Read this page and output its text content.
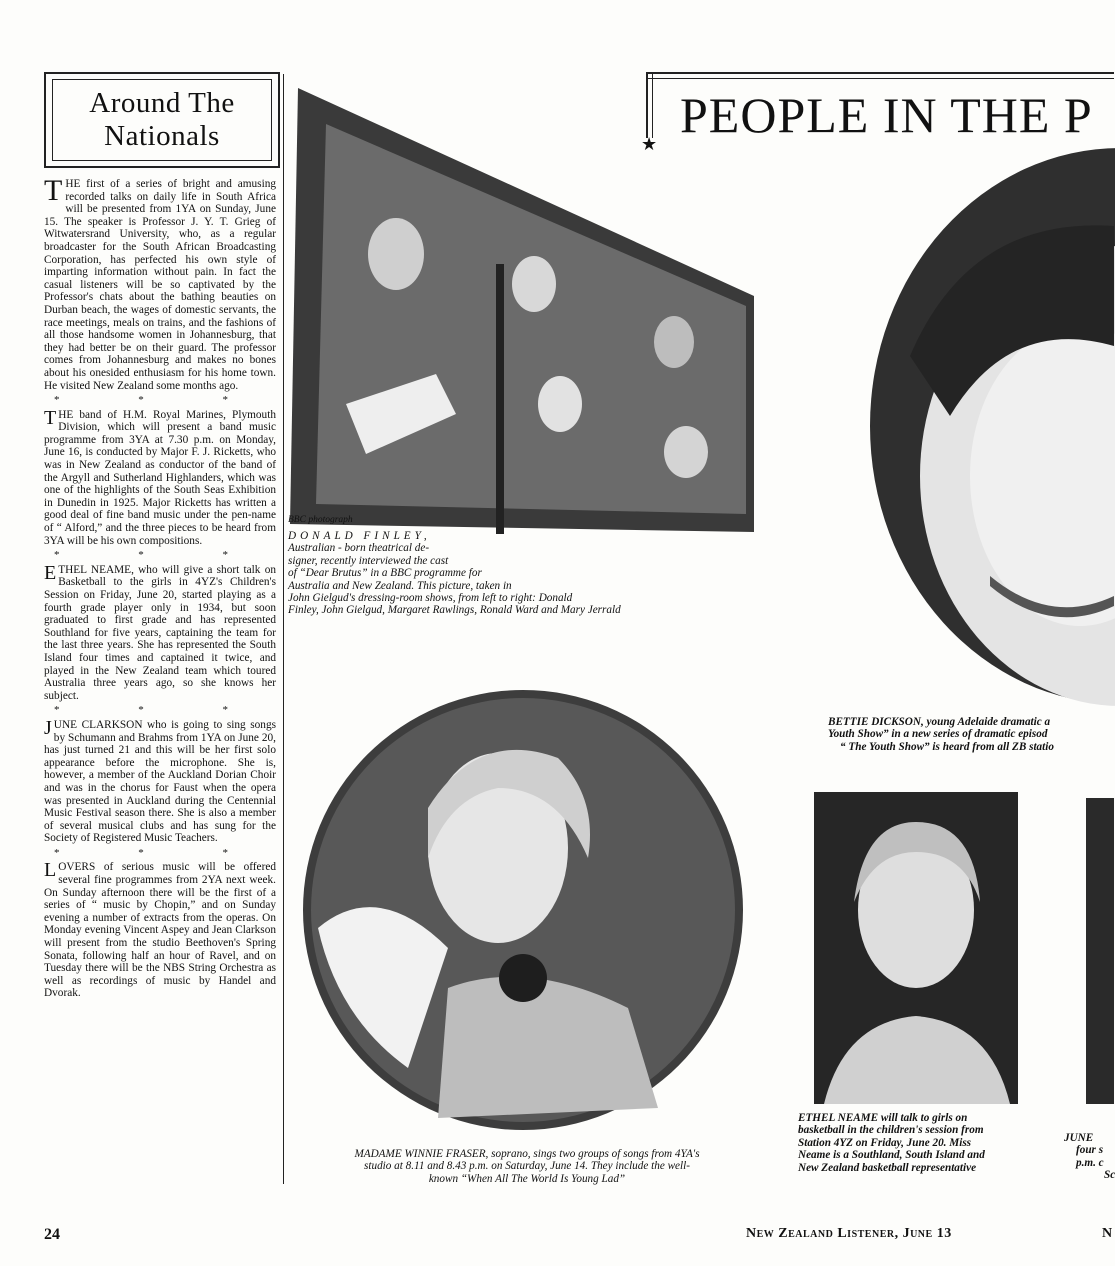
Around The
Nationals

THE first of a series of bright and amusing recorded talks on daily life in South Africa will be presented from 1YA on Sunday, June 15. The speaker is Professor J. Y. T. Grieg of Witwatersrand University, who, as a regular broadcaster for the South African Broadcasting Corporation, has perfected his own style of imparting information without pain. In fact the casual listeners will be so captivated by the Professor's chats about the bathing beauties on Durban beach, the wages of domestic servants, the race meetings, meals on trains, and the fashions of all those handsome women in Johannesburg, that they had better be on their guard. The professor comes from Johannesburg and makes no bones about his onesided enthusiasm for his home town. He visited New Zealand some months ago.

* * *

THE band of H.M. Royal Marines, Plymouth Division, which will present a band music programme from 3YA at 7.30 p.m. on Monday, June 16, is conducted by Major F. J. Ricketts, who was in New Zealand as conductor of the band of the Argyll and Sutherland Highlanders, which was one of the highlights of the South Seas Exhibition in Dunedin in 1925. Major Ricketts has written a good deal of fine band music under the pen-name of “ Alford,” and the three pieces to be heard from 3YA will be his own compositions.

* * *

ETHEL NEAME, who will give a short talk on Basketball to the girls in 4YZ's Children's Session on Friday, June 20, started playing as a fourth grade player only in 1934, but soon graduated to first grade and has represented Southland for five years, captaining the team for the last three years. She has represented the South Island four times and captained it twice, and played in the New Zealand team which toured Australia three years ago, so she knows her subject.

* * *

JUNE CLARKSON who is going to sing songs by Schumann and Brahms from 1YA on June 20, has just turned 21 and this will be her first solo appearance before the microphone. She is, however, a member of the Auckland Dorian Choir and was in the chorus for Faust when the opera was presented in Auckland during the Centennial Music Festival season there. She is also a member of several musical clubs and has sung for the Society of Registered Music Teachers.

* * *

LOVERS of serious music will be offered several fine programmes from 2YA next week. On Sunday afternoon there will be the first of a series of “ music by Chopin,” and on Sunday evening a number of extracts from the operas. On Monday evening Vincent Aspey and Jean Clarkson will present from the studio Beethoven's Spring Sonata, following half an hour of Ravel, and on Tuesday there will be the NBS String Orchestra as well as recordings of music by Handel and Dvorak.

★
PEOPLE IN THE P
BBC photograph
DONALD FINLEY,
Australian - born theatrical de-
signer, recently interviewed the cast
of “Dear Brutus” in a BBC programme for
Australia and New Zealand. This picture, taken in
John Gielgud's dressing-room shows, from left to right: Donald
Finley, John Gielgud, Margaret Rawlings, Ronald Ward and Mary Jerrald
BETTIE DICKSON, young Adelaide dramatic a
Youth Show” in a new series of dramatic episod
“ The Youth Show” is heard from all ZB statio
MADAME WINNIE FRASER, soprano, sings two groups of songs from 4YA's
studio at 8.11 and 8.43 p.m. on Saturday, June 14. They include the well-
known “When All The World Is Young Lad”
ETHEL NEAME will talk to girls on
basketball in the children's session from
Station 4YZ on Friday, June 20. Miss
Neame is a Southland, South Island and
New Zealand basketball representative
JUNE
four s
p.m. c
Sc
24	New Zealand Listener, June 13	N
